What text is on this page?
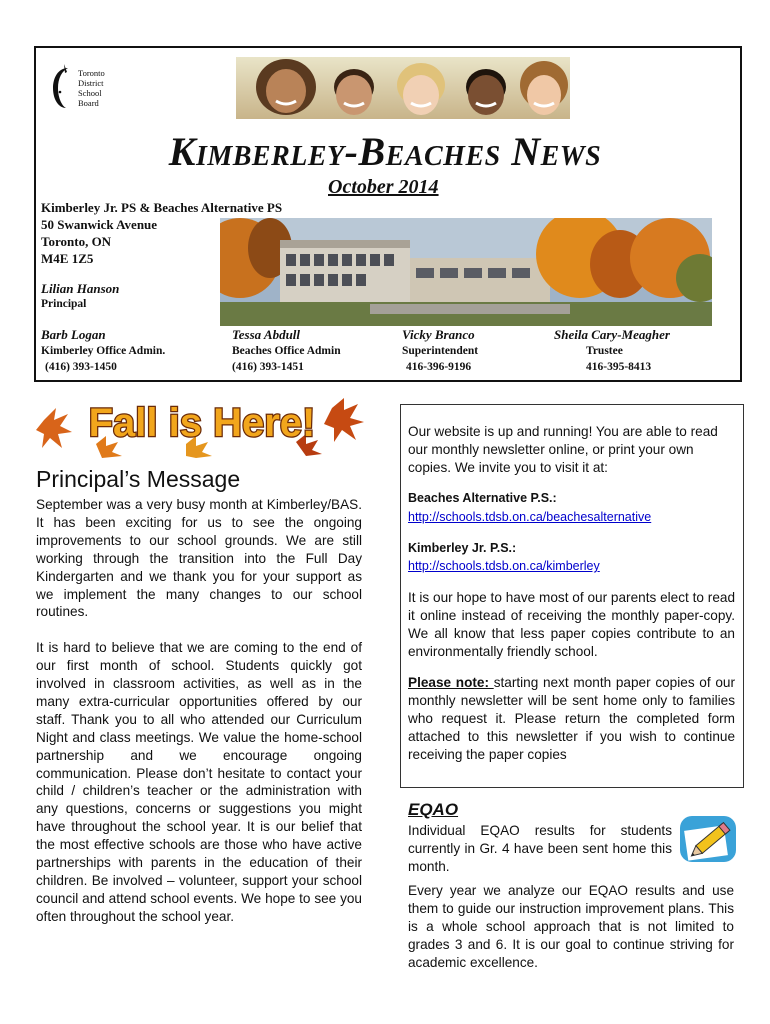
Toronto
District
School
Board
Kimberley-Beaches News
October 2014
Kimberley Jr. PS & Beaches Alternative PS
50 Swanwick Avenue
Toronto, ON
M4E 1Z5
Lilian Hanson
Principal
Barb Logan
Kimberley Office Admin.
(416) 393-1450
Tessa Abdull
Beaches Office Admin
(416) 393-1451
Vicky Branco
Superintendent
416-396-9196
Sheila Cary-Meagher
Trustee
416-395-8413
Fall is Here!
Principal’s Message

September was a very busy month at Kimberley/BAS. It has been exciting for us to see the ongoing improvements to our school grounds. We are still working through the transition into the Full Day Kindergarten and we thank you for your support as we implement the many changes to our school routines.

It is hard to believe that we are coming to the end of our first month of school. Students quickly got involved in classroom activities, as well as in the many extra-curricular opportunities offered by our staff. Thank you to all who attended our Curriculum Night and class meetings. We value the home-school partnership and we encourage ongoing communication. Please don’t hesitate to contact your child / children’s teacher or the administration with any questions, concerns or suggestions you might have throughout the school year. It is our belief that the most effective schools are those who have active partnerships with parents in the education of their children. Be involved – volunteer, support your school council and attend school events. We hope to see you often throughout the school year.

Our website is up and running! You are able to read our monthly newsletter online, or print your own copies. We invite you to visit it at:

Beaches Alternative P.S.:

http://schools.tdsb.on.ca/beachesalternative

Kimberley Jr. P.S.:

http://schools.tdsb.on.ca/kimberley

It is our hope to have most of our parents elect to read it online instead of receiving the monthly paper-copy. We all know that less paper copies contribute to an environmentally friendly school.

Please note: starting next month paper copies of our monthly newsletter will be sent home only to families who request it. Please return the completed form attached to this newsletter if you wish to continue receiving the paper copies

EQAO
Individual EQAO results for students currently in Gr. 4 have been sent home this month.
Every year we analyze our EQAO results and use them to guide our instruction improvement plans. This is a whole school approach that is not limited to grades 3 and 6. It is our goal to continue striving for academic excellence.
